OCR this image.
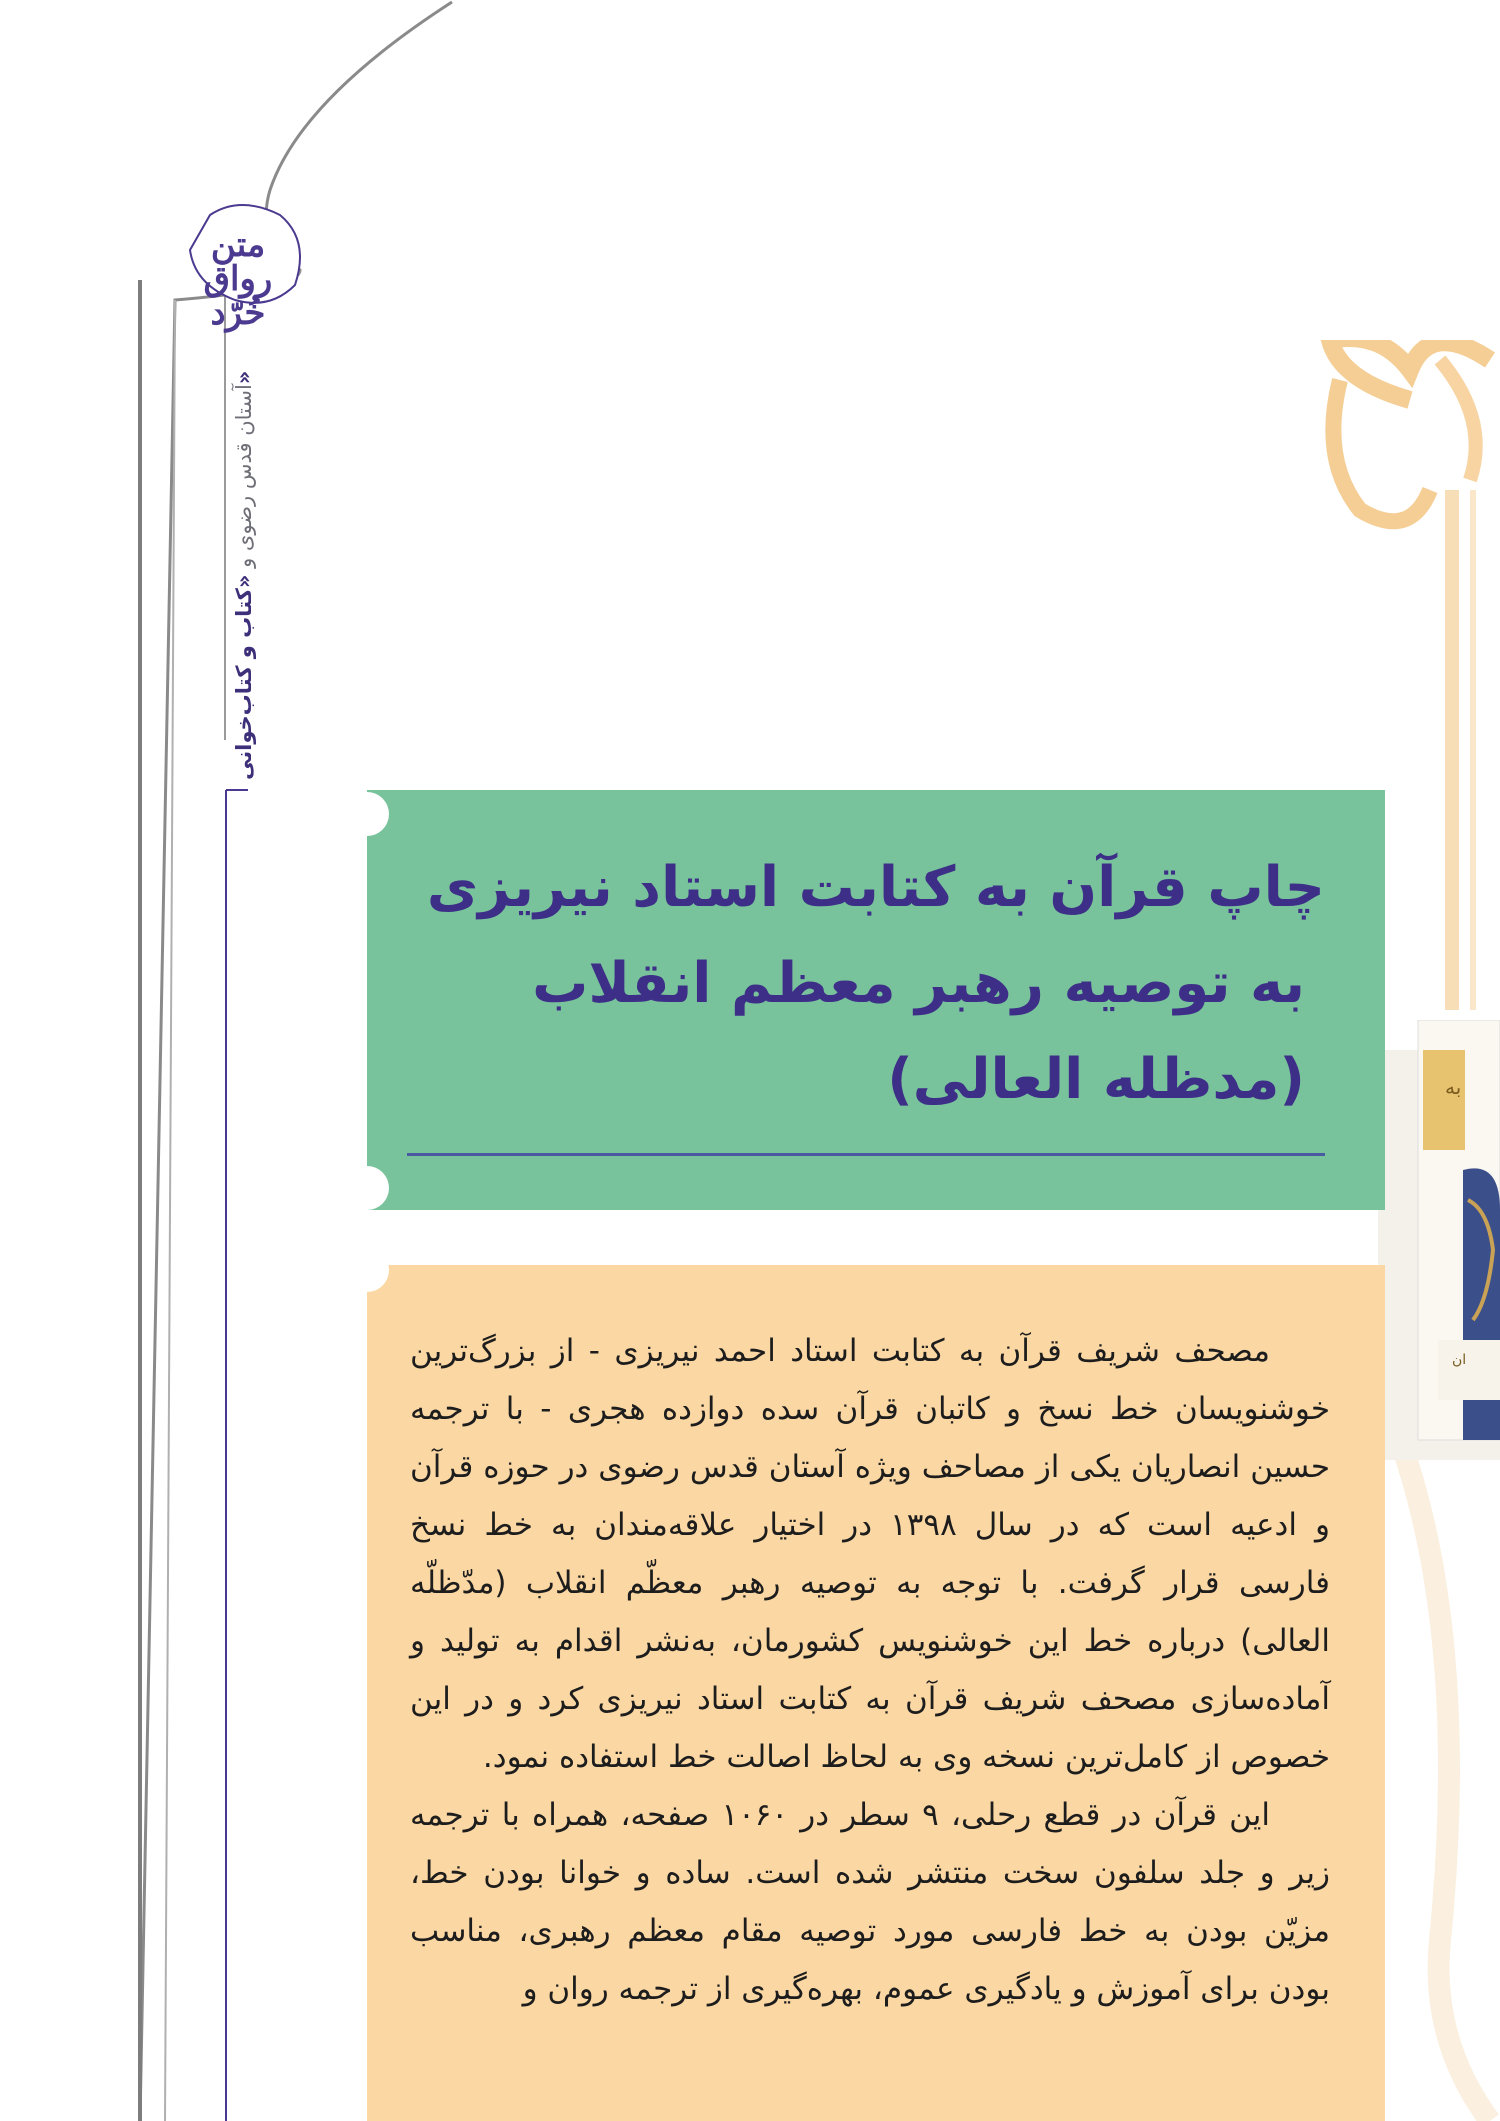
متن رواق خُرّد
آستان قدس رضوی و «کتاب و کتاب‌خوانی»
به
ان
چاپ قرآن به کتابت استاد نیریزی
به توصیه رهبر معظم انقلاب
(مدظله العالی)

مصحف شریف قرآن به کتابت استاد احمد نیریزی - از بزرگ‌ترین خوشنویسان خط نسخ و کاتبان قرآن سده دوازده هجری - با ترجمه حسین انصاریان یکی از مصاحف ویژه آستان قدس رضوی در حوزه قرآن و ادعیه است که در سال ۱۳۹۸ در اختیار علاقه‌مندان به خط نسخ فارسی قرار گرفت. با توجه به توصیه رهبر معظّم انقلاب (مدّظلّه العالی) درباره خط این خوشنویس کشورمان، به‌نشر اقدام به تولید و آماده‌سازی مصحف شریف قرآن به کتابت استاد نیریزی کرد و در این خصوص از کامل‌ترین نسخه وی به لحاظ اصالت خط استفاده نمود.

این قرآن در قطع رحلی، ۹ سطر در ۱۰۶۰ صفحه، همراه با ترجمه زیر و جلد سلفون سخت منتشر شده است. ساده و خوانا بودن خط، مزیّن بودن به خط فارسی مورد توصیه مقام معظم رهبری، مناسب بودن برای آموزش و یادگیری عموم، بهره‌گیری از ترجمه روان و
